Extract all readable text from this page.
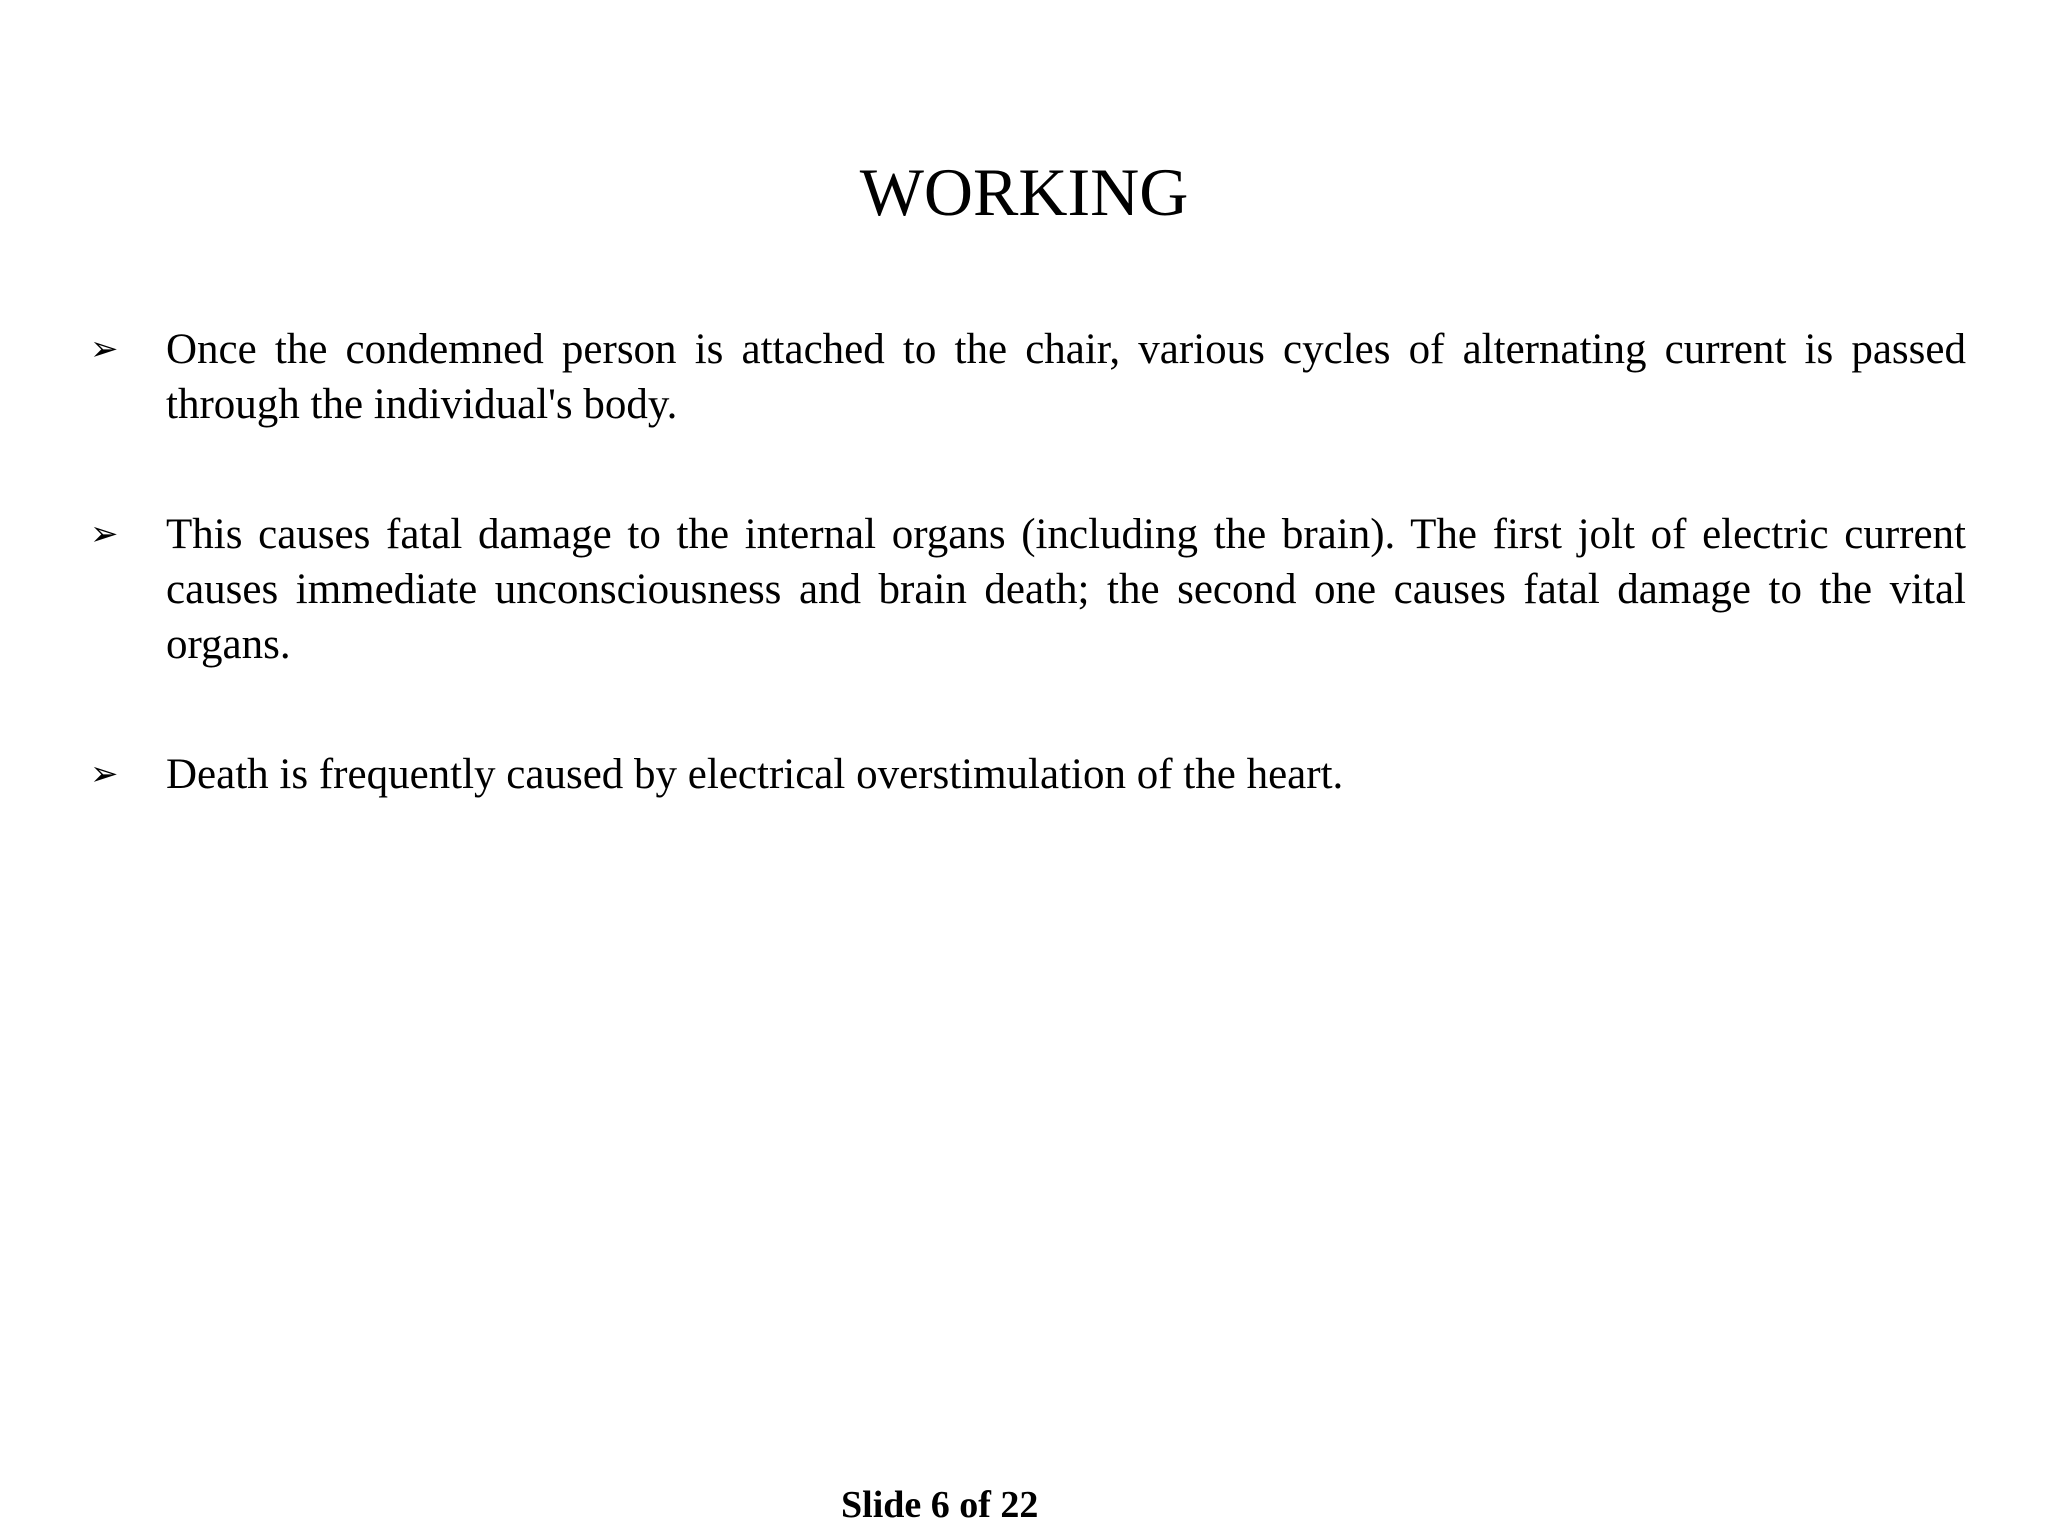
WORKING
➢ Once the condemned person is attached to the chair, various cycles of alternating current is passed through the individual's body.
➢ This causes fatal damage to the internal organs (including the brain). The first jolt of electric current causes immediate unconsciousness and brain death; the second one causes fatal damage to the vital organs.
➢ Death is frequently caused by electrical overstimulation of the heart.
Slide 6 of 22
